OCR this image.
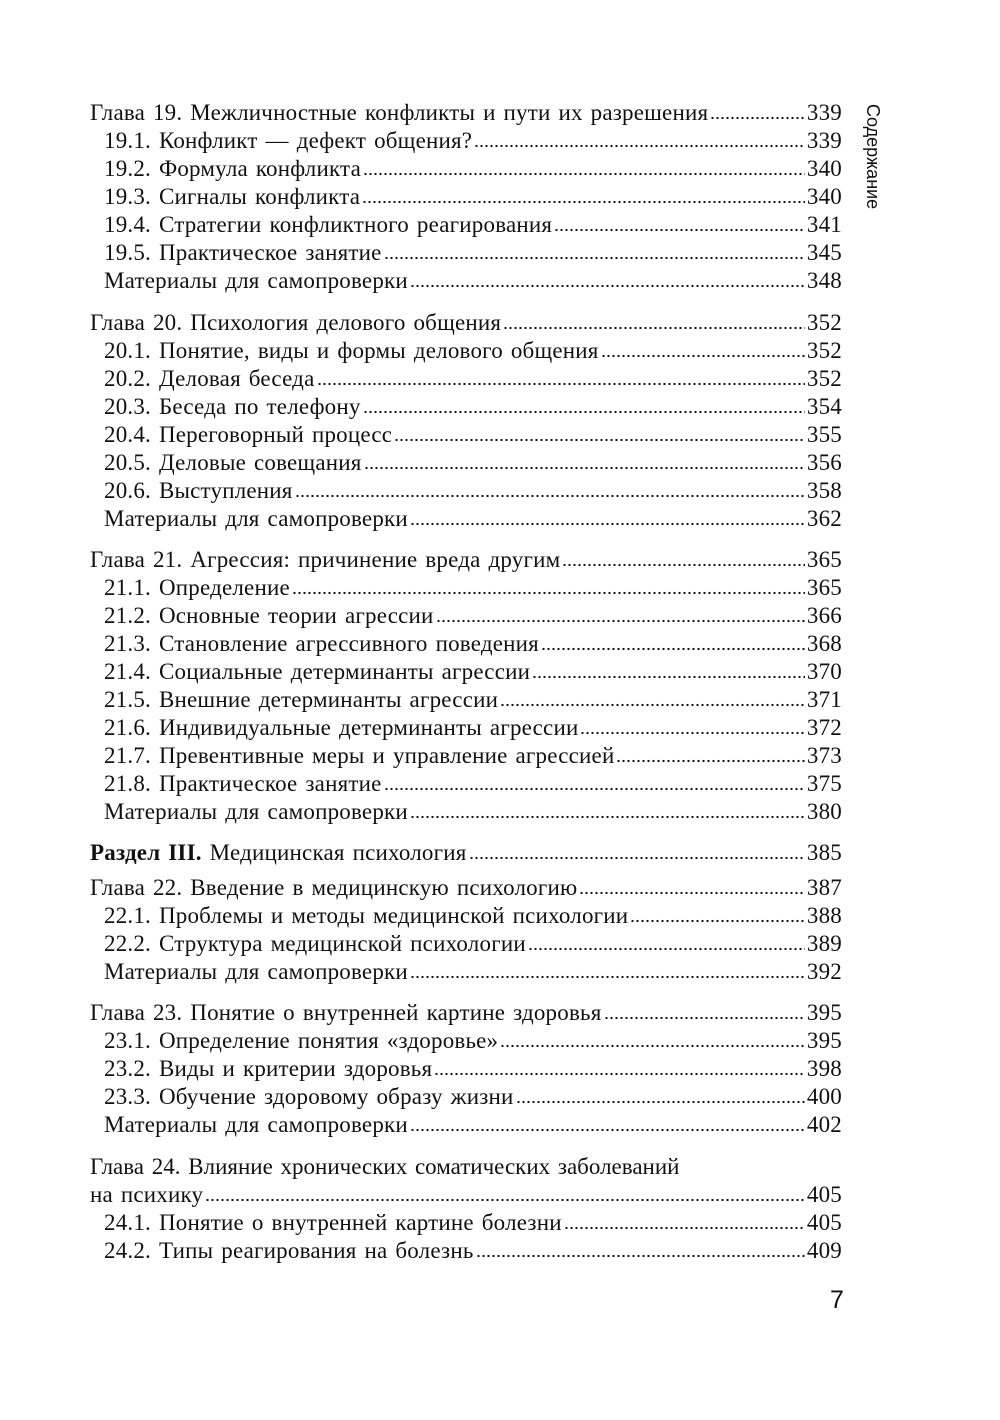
Содержание
Глава 19. Межличностные конфликты и пути их разрешения	339
19.1. Конфликт — дефект общения?	339
19.2. Формула конфликта	340
19.3. Сигналы конфликта	340
19.4. Стратегии конфликтного реагирования	341
19.5. Практическое занятие	345
Материалы для самопроверки	348
Глава 20. Психология делового общения	352
20.1. Понятие, виды и формы делового общения	352
20.2. Деловая беседа	352
20.3. Беседа по телефону	354
20.4. Переговорный процесс	355
20.5. Деловые совещания	356
20.6. Выступления	358
Материалы для самопроверки	362
Глава 21. Агрессия: причинение вреда другим	365
21.1. Определение	365
21.2. Основные теории агрессии	366
21.3. Становление агрессивного поведения	368
21.4. Социальные детерминанты агрессии	370
21.5. Внешние детерминанты агрессии	371
21.6. Индивидуальные детерминанты агрессии	372
21.7. Превентивные меры и управление агрессией	373
21.8. Практическое занятие	375
Материалы для самопроверки	380
Раздел III. Медицинская психология	385
Глава 22. Введение в медицинскую психологию	387
22.1. Проблемы и методы медицинской психологии	388
22.2. Структура медицинской психологии	389
Материалы для самопроверки	392
Глава 23. Понятие о внутренней картине здоровья	395
23.1. Определение понятия «здоровье»	395
23.2. Виды и критерии здоровья	398
23.3. Обучение здоровому образу жизни	400
Материалы для самопроверки	402
Глава 24. Влияние хронических соматических заболеваний
на психику	405
24.1. Понятие о внутренней картине болезни	405
24.2. Типы реагирования на болезнь	409
7
